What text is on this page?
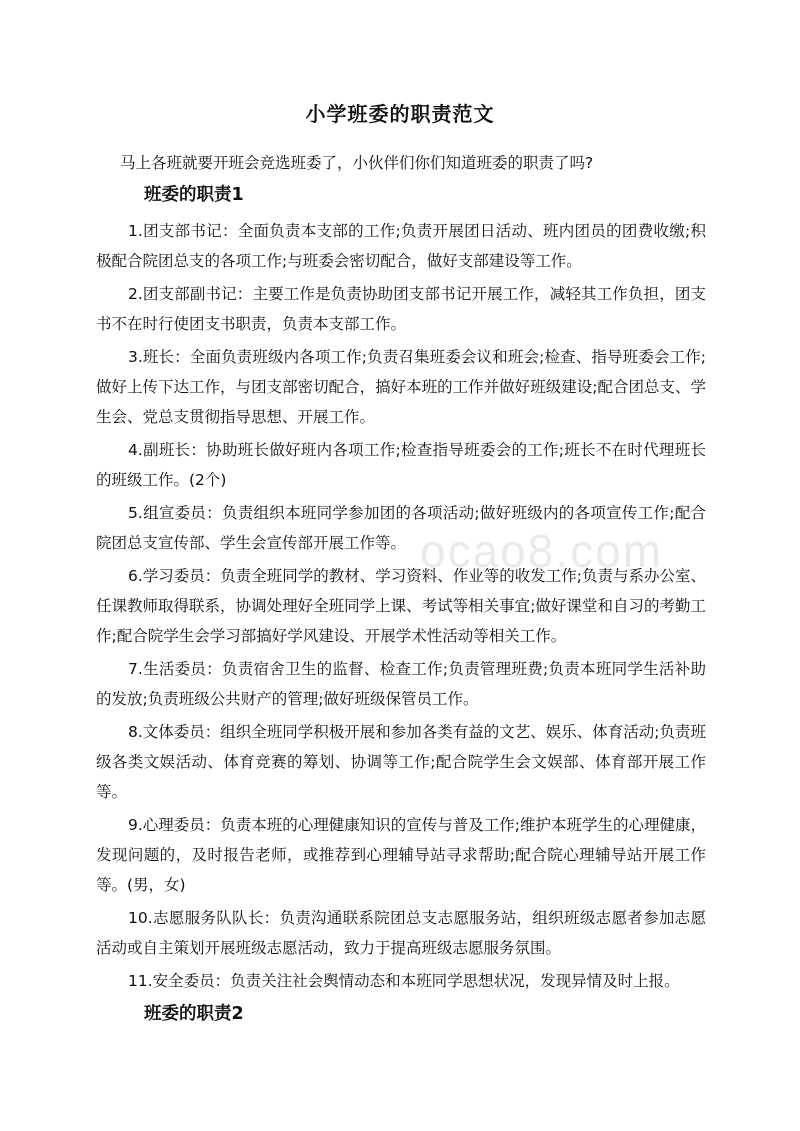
小学班委的职责范文
马上各班就要开班会竞选班委了，小伙伴们你们知道班委的职责了吗?
班委的职责1

1.团支部书记：全面负责本支部的工作;负责开展团日活动、班内团员的团费收缴;积极配合院团总支的各项工作;与班委会密切配合，做好支部建设等工作。

2.团支部副书记：主要工作是负责协助团支部书记开展工作，减轻其工作负担，团支书不在时行使团支书职责，负责本支部工作。

3.班长：全面负责班级内各项工作;负责召集班委会议和班会;检查、指导班委会工作;做好上传下达工作，与团支部密切配合，搞好本班的工作并做好班级建设;配合团总支、学生会、党总支贯彻指导思想、开展工作。

4.副班长：协助班长做好班内各项工作;检查指导班委会的工作;班长不在时代理班长的班级工作。(2个)

5.组宣委员：负责组织本班同学参加团的各项活动;做好班级内的各项宣传工作;配合院团总支宣传部、学生会宣传部开展工作等。

6.学习委员：负责全班同学的教材、学习资料、作业等的收发工作;负责与系办公室、任课教师取得联系，协调处理好全班同学上课、考试等相关事宜;做好课堂和自习的考勤工作;配合院学生会学习部搞好学风建设、开展学术性活动等相关工作。

7.生活委员：负责宿舍卫生的监督、检查工作;负责管理班费;负责本班同学生活补助的发放;负责班级公共财产的管理;做好班级保管员工作。

8.文体委员：组织全班同学积极开展和参加各类有益的文艺、娱乐、体育活动;负责班级各类文娱活动、体育竞赛的筹划、协调等工作;配合院学生会文娱部、体育部开展工作等。

9.心理委员：负责本班的心理健康知识的宣传与普及工作;维护本班学生的心理健康，发现问题的，及时报告老师，或推荐到心理辅导站寻求帮助;配合院心理辅导站开展工作等。(男，女)

10.志愿服务队队长：负责沟通联系院团总支志愿服务站，组织班级志愿者参加志愿活动或自主策划开展班级志愿活动，致力于提高班级志愿服务氛围。

11.安全委员：负责关注社会舆情动态和本班同学思想状况，发现异情及时上报。

班委的职责2
ocao8.com
